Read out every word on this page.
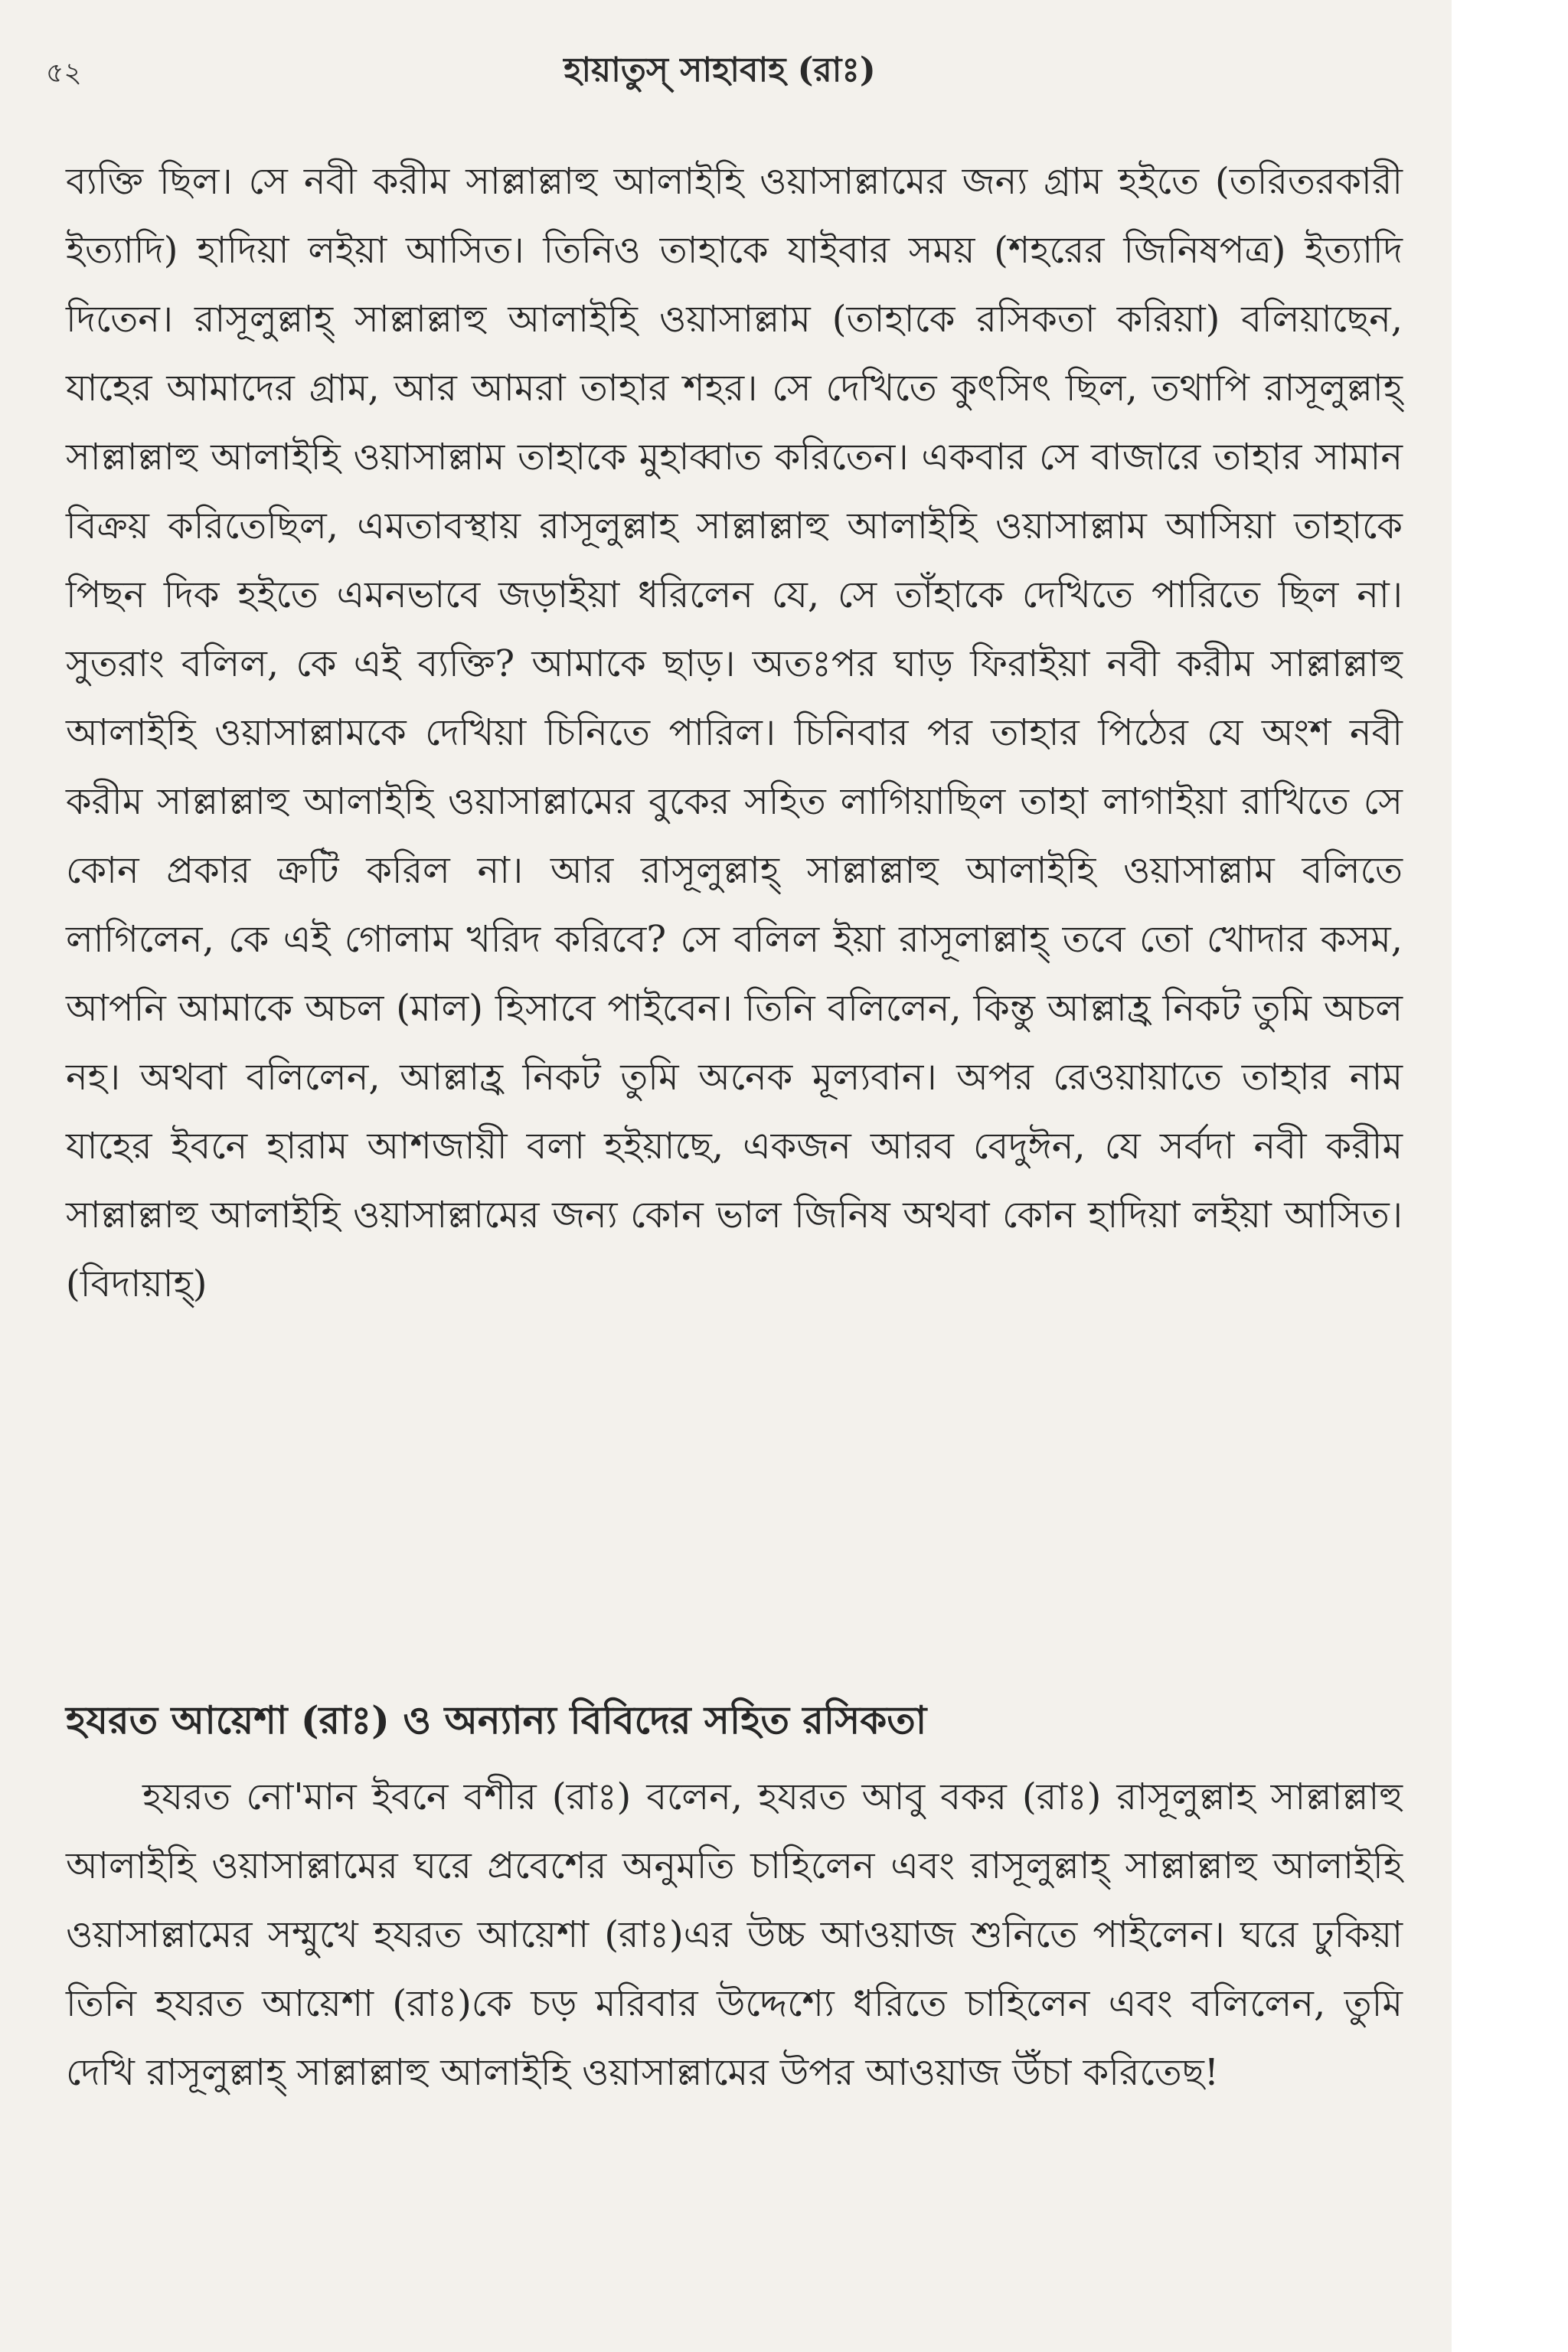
৫২	হায়াতুস্ সাহাবাহ (রাঃ)

ব্যক্তি ছিল। সে নবী করীম সাল্লাল্লাহু আলাইহি ওয়াসাল্লামের জন্য গ্রাম হইতে (তরিতরকারী ইত্যাদি) হাদিয়া লইয়া আসিত। তিনিও তাহাকে যাইবার সময় (শহরের জিনিষপত্র) ইত্যাদি দিতেন। রাসূলুল্লাহ্ সাল্লাল্লাহু আলাইহি ওয়াসাল্লাম (তাহাকে রসিকতা করিয়া) বলিয়াছেন, যাহের আমাদের গ্রাম, আর আমরা তাহার শহর। সে দেখিতে কুৎসিৎ ছিল, তথাপি রাসূলুল্লাহ্ সাল্লাল্লাহু আলাইহি ওয়াসাল্লাম তাহাকে মুহাব্বাত করিতেন। একবার সে বাজারে তাহার সামান বিক্রয় করিতেছিল, এমতাবস্থায় রাসূলুল্লাহ সাল্লাল্লাহু আলাইহি ওয়াসাল্লাম আসিয়া তাহাকে পিছন দিক হইতে এমনভাবে জড়াইয়া ধরিলেন যে, সে তাঁহাকে দেখিতে পারিতে ছিল না। সুতরাং বলিল, কে এই ব্যক্তি? আমাকে ছাড়। অতঃপর ঘাড় ফিরাইয়া নবী করীম সাল্লাল্লাহু আলাইহি ওয়াসাল্লামকে দেখিয়া চিনিতে পারিল। চিনিবার পর তাহার পিঠের যে অংশ নবী করীম সাল্লাল্লাহু আলাইহি ওয়াসাল্লামের বুকের সহিত লাগিয়াছিল তাহা লাগাইয়া রাখিতে সে কোন প্রকার ক্রটি করিল না। আর রাসূলুল্লাহ্ সাল্লাল্লাহু আলাইহি ওয়াসাল্লাম বলিতে লাগিলেন, কে এই গোলাম খরিদ করিবে? সে বলিল ইয়া রাসূলাল্লাহ্ তবে তো খোদার কসম, আপনি আমাকে অচল (মাল) হিসাবে পাইবেন। তিনি বলিলেন, কিন্তু আল্লাহ্র নিকট তুমি অচল নহ। অথবা বলিলেন, আল্লাহ্র নিকট তুমি অনেক মূল্যবান। অপর রেওয়ায়াতে তাহার নাম যাহের ইবনে হারাম আশজায়ী বলা হইয়াছে, একজন আরব বেদুঈন, যে সর্বদা নবী করীম সাল্লাল্লাহু আলাইহি ওয়াসাল্লামের জন্য কোন ভাল জিনিষ অথবা কোন হাদিয়া লইয়া আসিত। (বিদায়াহ্)

হযরত আয়েশা (রাঃ) ও অন্যান্য বিবিদের সহিত রসিকতা

হযরত নো'মান ইবনে বশীর (রাঃ) বলেন, হযরত আবু বকর (রাঃ) রাসূলুল্লাহ সাল্লাল্লাহু আলাইহি ওয়াসাল্লামের ঘরে প্রবেশের অনুমতি চাহিলেন এবং রাসূলুল্লাহ্ সাল্লাল্লাহু আলাইহি ওয়াসাল্লামের সম্মুখে হযরত আয়েশা (রাঃ)এর উচ্চ আওয়াজ শুনিতে পাইলেন। ঘরে ঢুকিয়া তিনি হযরত আয়েশা (রাঃ)কে চড় মরিবার উদ্দেশ্যে ধরিতে চাহিলেন এবং বলিলেন, তুমি দেখি রাসূলুল্লাহ্ সাল্লাল্লাহু আলাইহি ওয়াসাল্লামের উপর আওয়াজ উঁচা করিতেছ!
